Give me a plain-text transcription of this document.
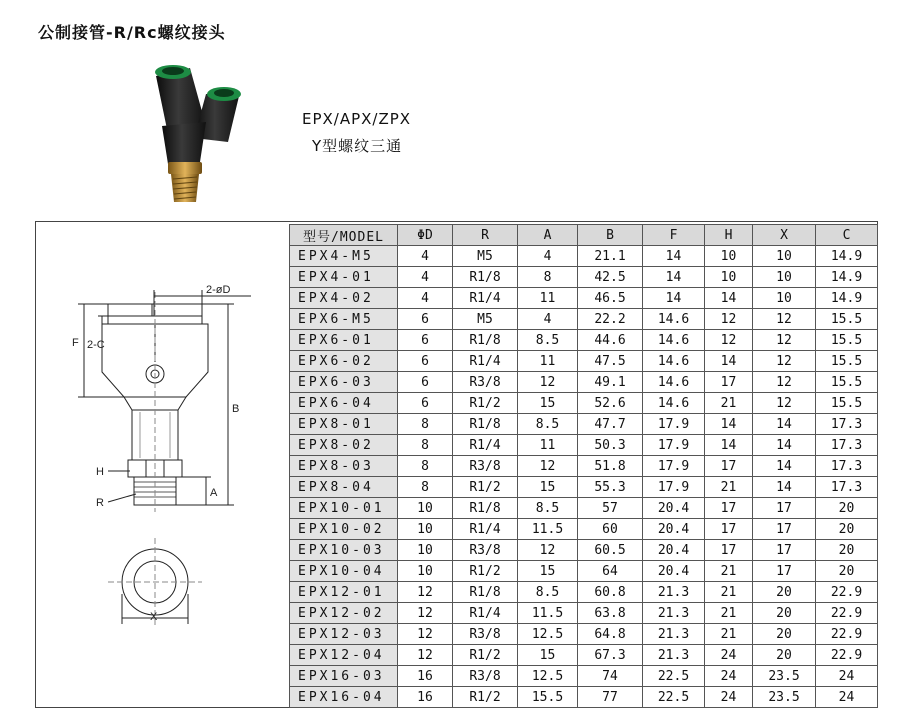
公制接管-R/Rc螺纹接头
EPX/APX/ZPX
Y型螺纹三通
2-øD
F 2-C
B
H
R
A
X
型号/MODEL	ΦD	R	A	B	F	H	X	C
EPX4-M5	4	M5	4	21.1	14	10	10	14.9
EPX4-01	4	R1/8	8	42.5	14	10	10	14.9
EPX4-02	4	R1/4	11	46.5	14	14	10	14.9
EPX6-M5	6	M5	4	22.2	14.6	12	12	15.5
EPX6-01	6	R1/8	8.5	44.6	14.6	12	12	15.5
EPX6-02	6	R1/4	11	47.5	14.6	14	12	15.5
EPX6-03	6	R3/8	12	49.1	14.6	17	12	15.5
EPX6-04	6	R1/2	15	52.6	14.6	21	12	15.5
EPX8-01	8	R1/8	8.5	47.7	17.9	14	14	17.3
EPX8-02	8	R1/4	11	50.3	17.9	14	14	17.3
EPX8-03	8	R3/8	12	51.8	17.9	17	14	17.3
EPX8-04	8	R1/2	15	55.3	17.9	21	14	17.3
EPX10-01	10	R1/8	8.5	57	20.4	17	17	20
EPX10-02	10	R1/4	11.5	60	20.4	17	17	20
EPX10-03	10	R3/8	12	60.5	20.4	17	17	20
EPX10-04	10	R1/2	15	64	20.4	21	17	20
EPX12-01	12	R1/8	8.5	60.8	21.3	21	20	22.9
EPX12-02	12	R1/4	11.5	63.8	21.3	21	20	22.9
EPX12-03	12	R3/8	12.5	64.8	21.3	21	20	22.9
EPX12-04	12	R1/2	15	67.3	21.3	24	20	22.9
EPX16-03	16	R3/8	12.5	74	22.5	24	23.5	24
EPX16-04	16	R1/2	15.5	77	22.5	24	23.5	24
